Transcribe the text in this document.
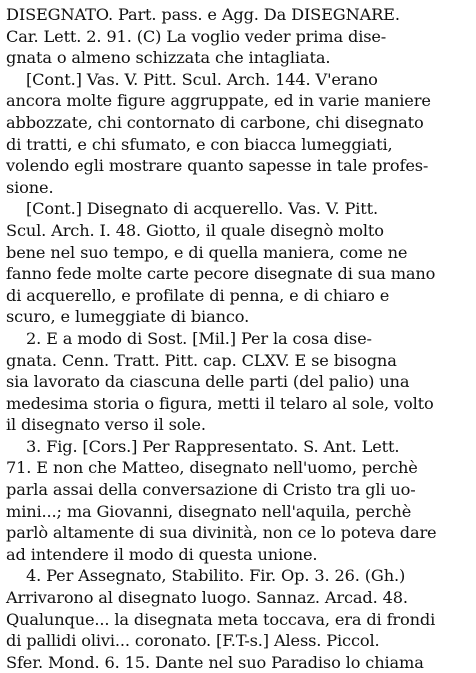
DISEGNATO. Part. pass. e Agg. Da DISEGNARE.
Car. Lett. 2. 91. (C) La voglio veder prima dise-
gnata o almeno schizzata che intagliata.
[Cont.] Vas. V. Pitt. Scul. Arch. 144. V'erano
ancora molte figure aggruppate, ed in varie maniere
abbozzate, chi contornato di carbone, chi disegnato
di tratti, e chi sfumato, e con biacca lumeggiati,
volendo egli mostrare quanto sapesse in tale profes-
sione.
[Cont.] Disegnato di acquerello. Vas. V. Pitt.
Scul. Arch. I. 48. Giotto, il quale disegnò molto
bene nel suo tempo, e di quella maniera, come ne
fanno fede molte carte pecore disegnate di sua mano
di acquerello, e profilate di penna, e di chiaro e
scuro, e lumeggiate di bianco.
2. E a modo di Sost. [Mil.] Per la cosa dise-
gnata. Cenn. Tratt. Pitt. cap. CLXV. E se bisogna
sia lavorato da ciascuna delle parti (del palio) una
medesima storia o figura, metti il telaro al sole, volto
il disegnato verso il sole.
3. Fig. [Cors.] Per Rappresentato. S. Ant. Lett.
71. E non che Matteo, disegnato nell'uomo, perchè
parla assai della conversazione di Cristo tra gli uo-
mini...; ma Giovanni, disegnato nell'aquila, perchè
parlò altamente di sua divinità, non ce lo poteva dare
ad intendere il modo di questa unione.
4. Per Assegnato, Stabilito. Fir. Op. 3. 26. (Gh.)
Arrivarono al disegnato luogo. Sannaz. Arcad. 48.
Qualunque... la disegnata meta toccava, era di frondi
di pallidi olivi... coronato. [F.T-s.] Aless. Piccol.
Sfer. Mond. 6. 15. Dante nel suo Paradiso lo chiama
